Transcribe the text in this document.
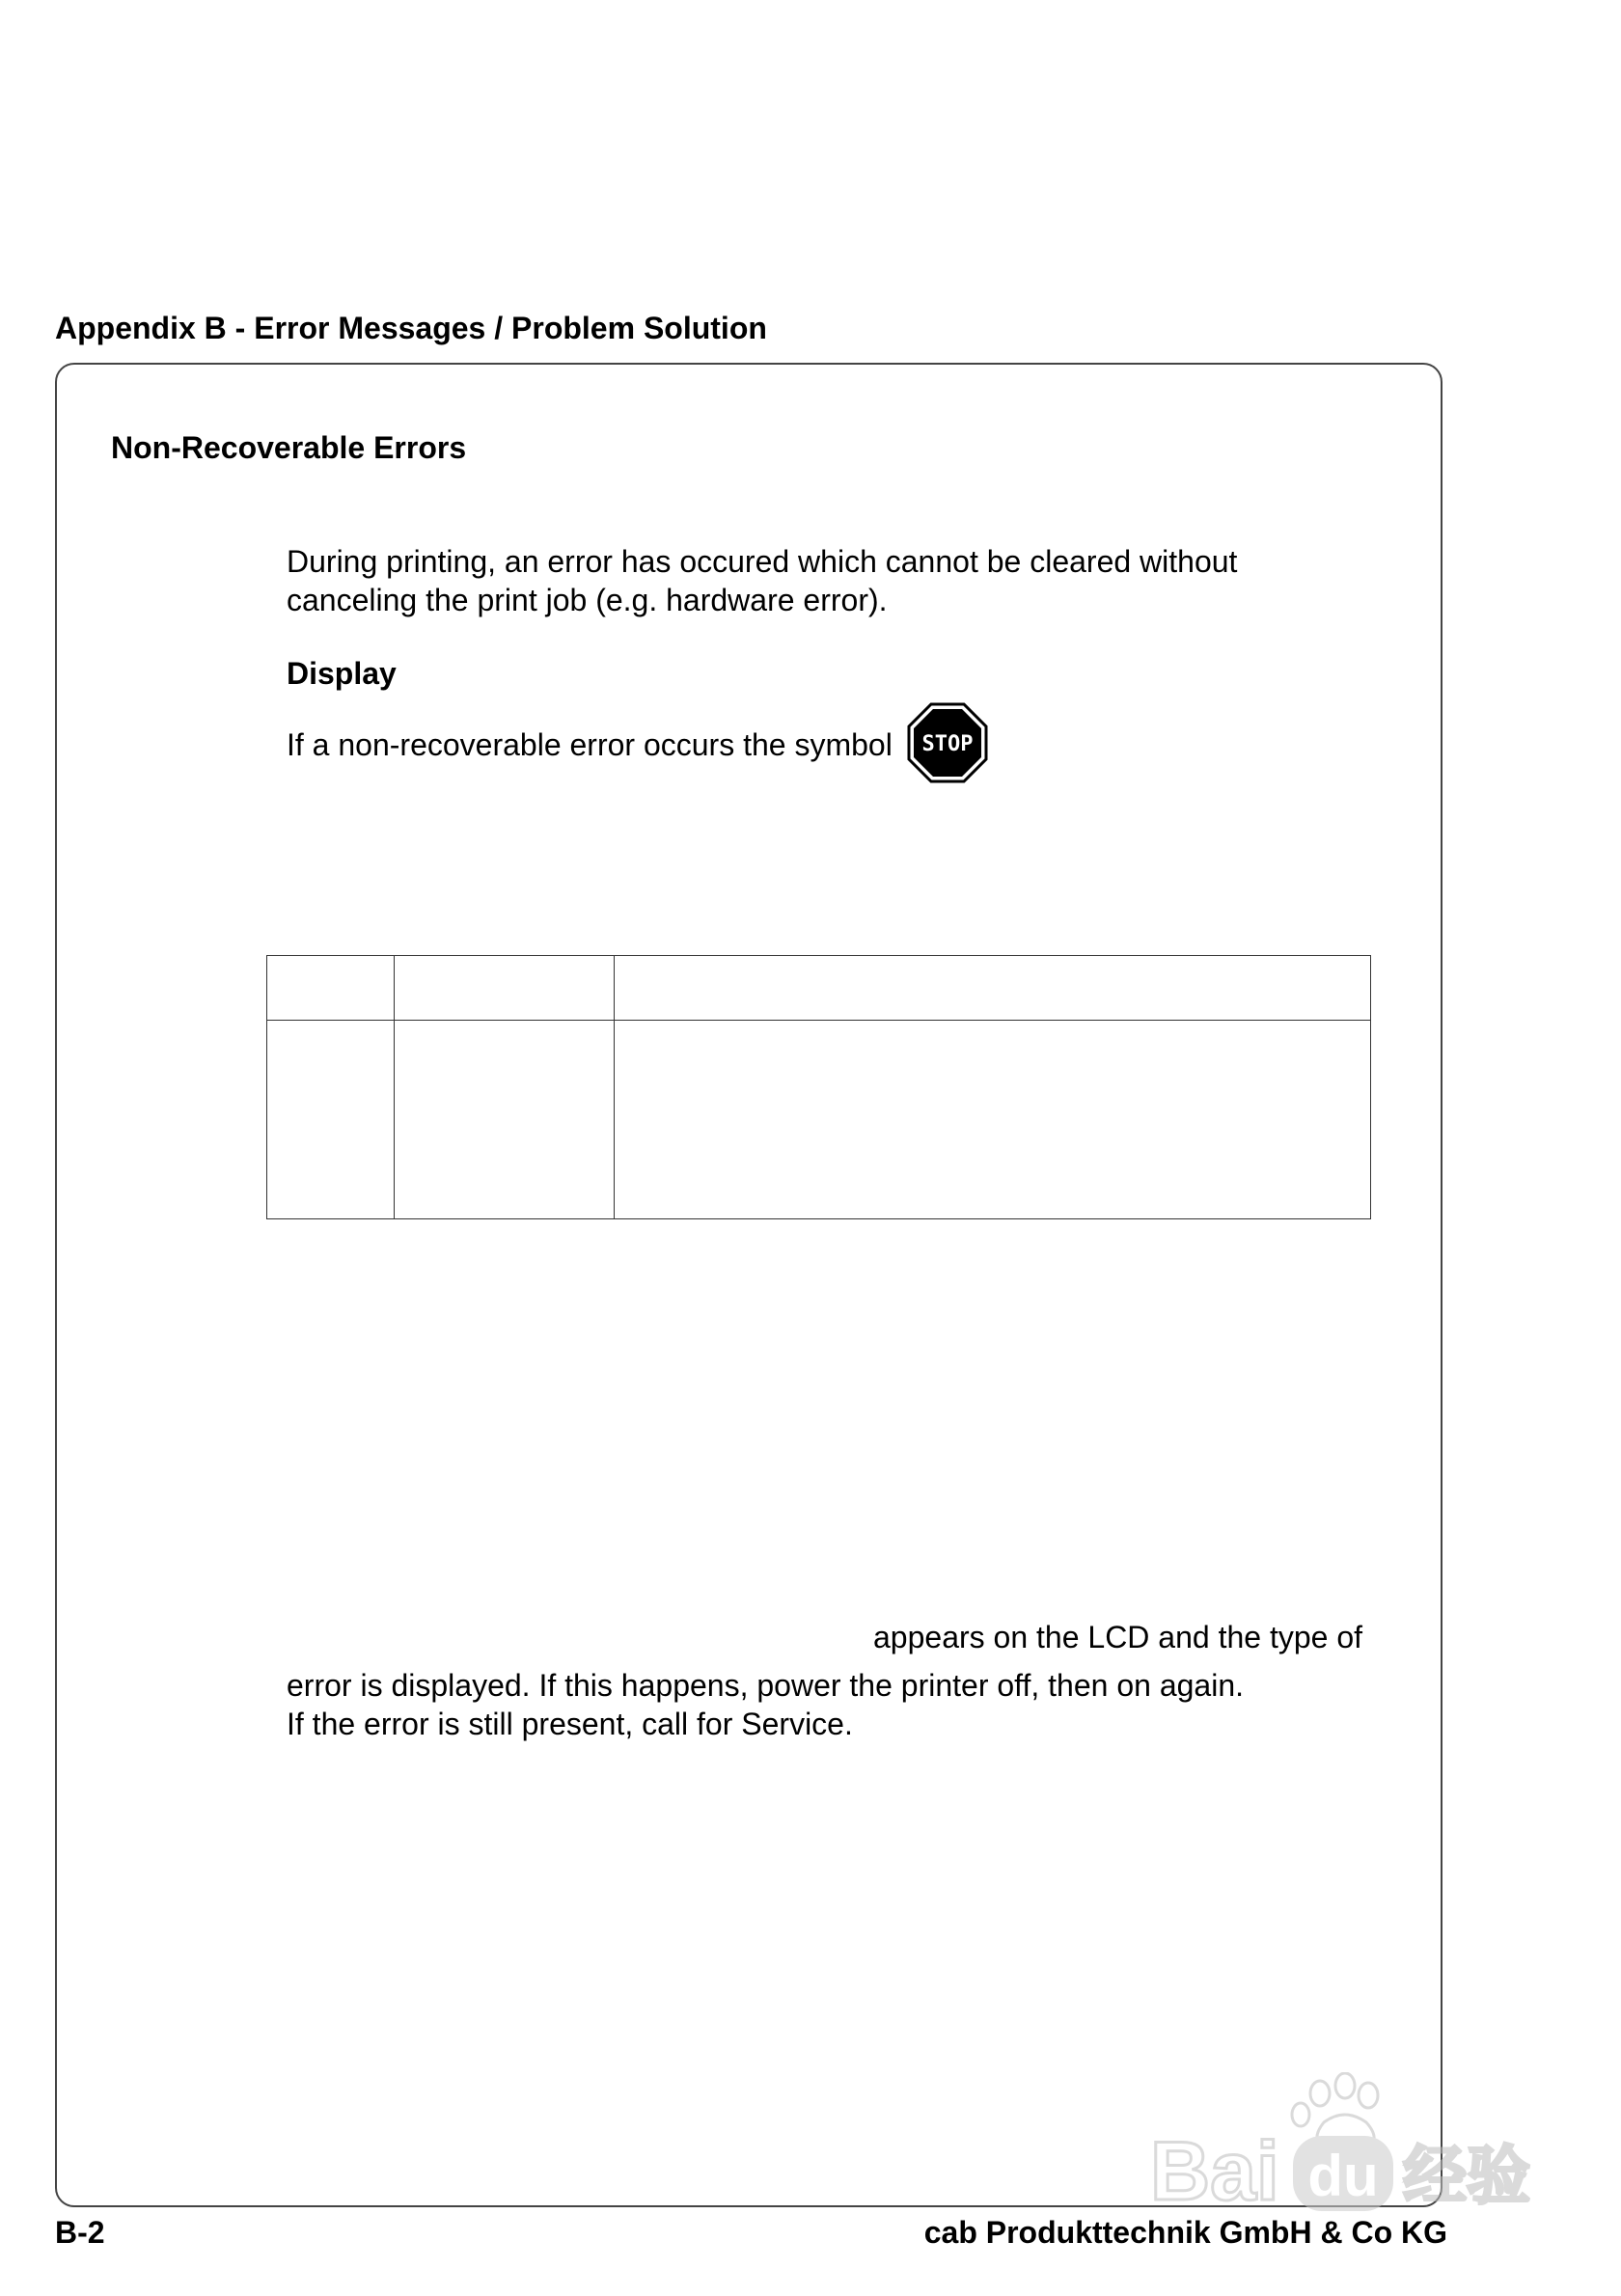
Appendix B - Error Messages / Problem Solution
Non-Recoverable Errors
During printing, an error has occured which cannot be cleared without
canceling the print job (e.g. hardware error).
Display
If a non-recoverable error occurs the symbol STOP

appears on the LCD and the type of
error is displayed. If this happens, power the printer off, then on again.
If the error is still present, call for Service.
Bai du 经验
B-2	cab Produkttechnik GmbH & Co KG
